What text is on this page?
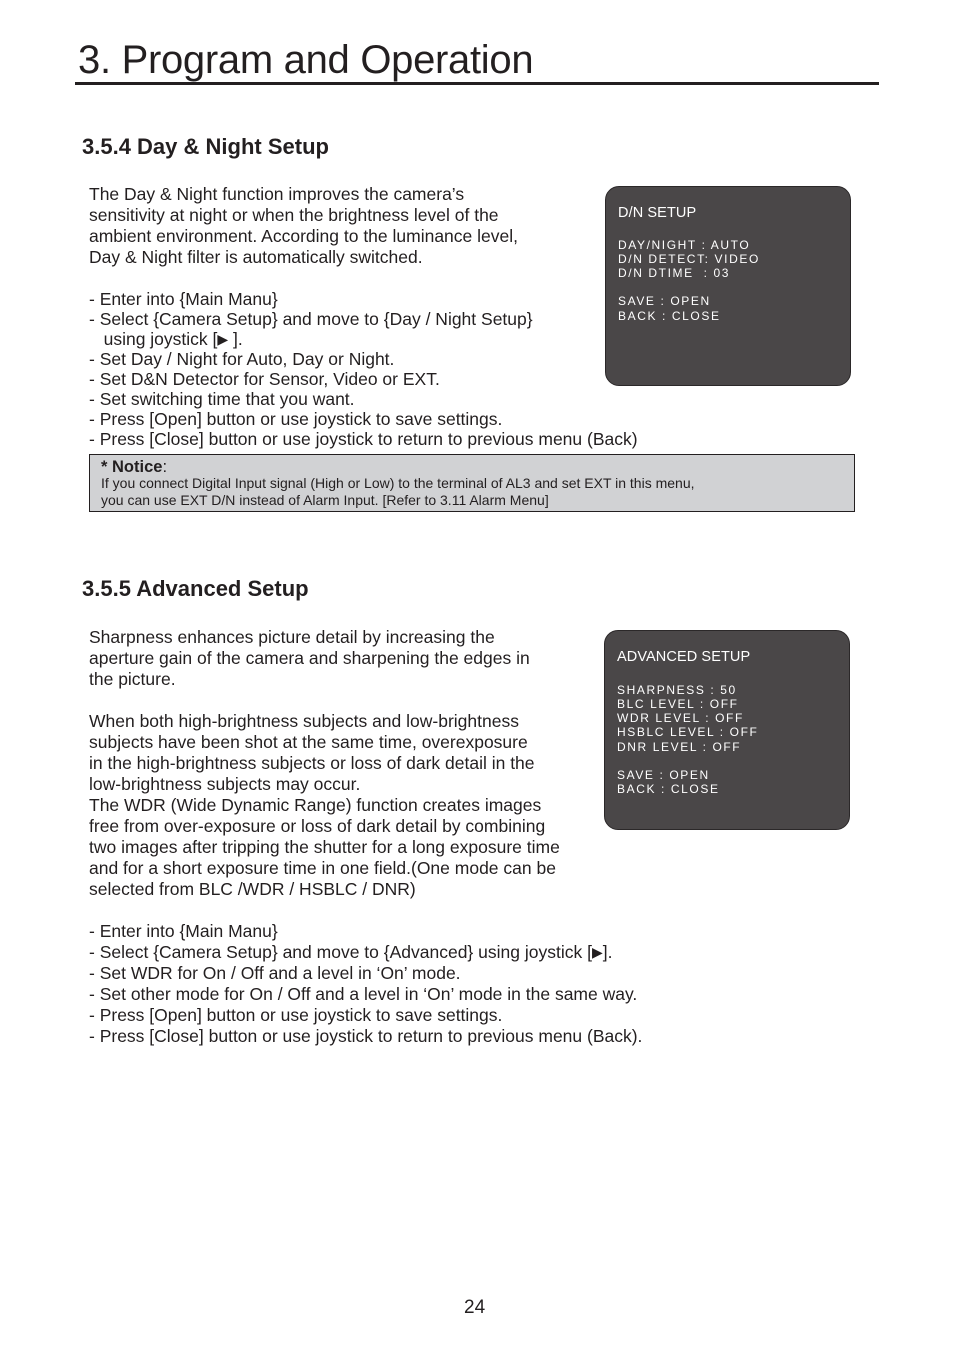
3. Program and Operation
3.5.4 Day & Night Setup
The Day & Night function improves the camera’s
sensitivity at night or when the brightness level of the
ambient environment. According to the luminance level,
Day & Night filter is automatically switched.
- Enter into {Main Manu}
- Select {Camera Setup} and move to {Day / Night Setup}
using joystick [▶ ].
- Set Day / Night for Auto, Day or Night.
- Set D&N Detector for Sensor, Video or EXT.
- Set switching time that you want.
- Press [Open] button or use joystick to save settings.
- Press [Close] button or use joystick to return to previous menu (Back)
D/N SETUP
DAY/NIGHT : AUTO
D/N DETECT: VIDEO
D/N DTIME  : 03
SAVE : OPEN
BACK : CLOSE
* Notice:
If you connect Digital Input signal (High or Low) to the terminal of AL3 and set EXT in this menu,
you can use EXT D/N instead of Alarm Input. [Refer to 3.11 Alarm Menu]
3.5.5 Advanced Setup
Sharpness enhances picture detail by increasing the
aperture gain of the camera and sharpening the edges in
the picture.
When both high-brightness subjects and low-brightness
subjects have been shot at the same time, overexposure
in the high-brightness subjects or loss of dark detail in the
low-brightness subjects may occur.
The WDR (Wide Dynamic Range) function creates images
free from over-exposure or loss of dark detail by combining
two images after tripping the shutter for a long exposure time
and for a short exposure time in one field.(One mode can be
selected from BLC /WDR / HSBLC / DNR)
- Enter into {Main Manu}
- Select {Camera Setup} and move to {Advanced} using joystick [▶].
- Set WDR for On / Off and a level in ‘On’ mode.
- Set other mode for On / Off and a level in ‘On’ mode in the same way.
- Press [Open] button or use joystick to save settings.
- Press [Close] button or use joystick to return to previous menu (Back).
ADVANCED SETUP
SHARPNESS : 50
BLC LEVEL : OFF
WDR LEVEL : OFF
HSBLC LEVEL : OFF
DNR LEVEL : OFF
SAVE : OPEN
BACK : CLOSE
24
